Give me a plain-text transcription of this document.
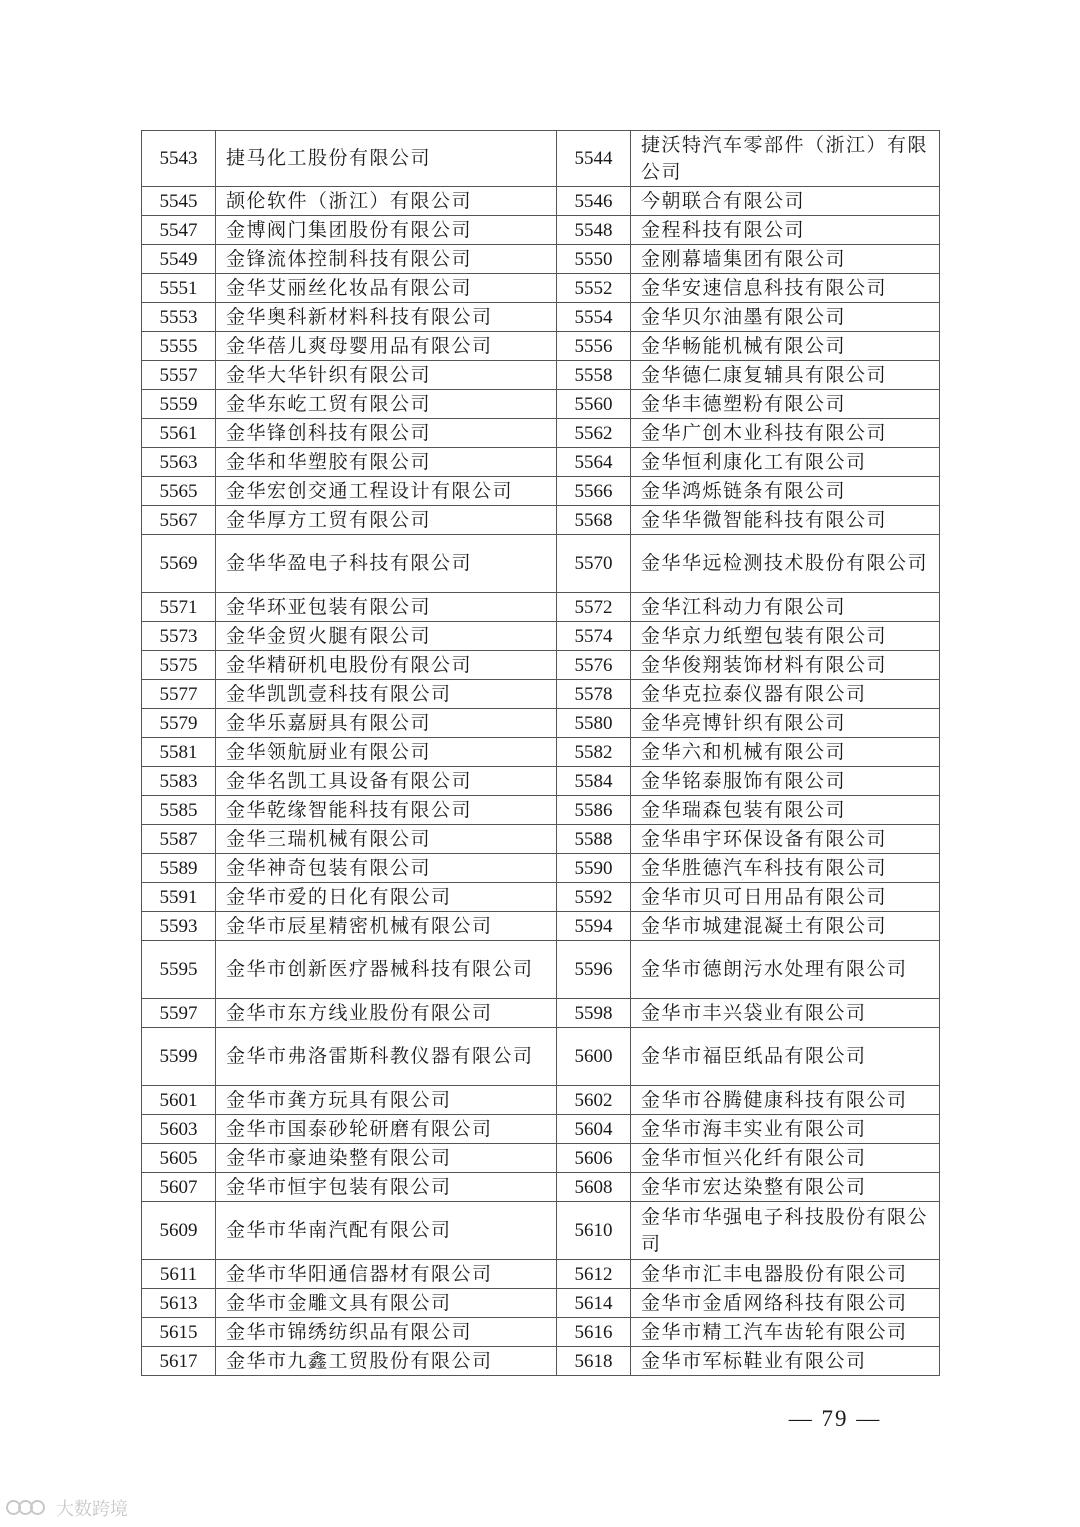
5543	捷马化工股份有限公司	5544	捷沃特汽车零部件（浙江）有限公司
5545	颉伦软件（浙江）有限公司	5546	今朝联合有限公司
5547	金博阀门集团股份有限公司	5548	金程科技有限公司
5549	金锋流体控制科技有限公司	5550	金刚幕墙集团有限公司
5551	金华艾丽丝化妆品有限公司	5552	金华安速信息科技有限公司
5553	金华奥科新材料科技有限公司	5554	金华贝尔油墨有限公司
5555	金华蓓儿爽母婴用品有限公司	5556	金华畅能机械有限公司
5557	金华大华针织有限公司	5558	金华德仁康复辅具有限公司
5559	金华东屹工贸有限公司	5560	金华丰德塑粉有限公司
5561	金华锋创科技有限公司	5562	金华广创木业科技有限公司
5563	金华和华塑胶有限公司	5564	金华恒利康化工有限公司
5565	金华宏创交通工程设计有限公司	5566	金华鸿烁链条有限公司
5567	金华厚方工贸有限公司	5568	金华华微智能科技有限公司
5569	金华华盈电子科技有限公司	5570	金华华远检测技术股份有限公司
5571	金华环亚包装有限公司	5572	金华江科动力有限公司
5573	金华金贸火腿有限公司	5574	金华京力纸塑包装有限公司
5575	金华精研机电股份有限公司	5576	金华俊翔装饰材料有限公司
5577	金华凯凯壹科技有限公司	5578	金华克拉泰仪器有限公司
5579	金华乐嘉厨具有限公司	5580	金华亮博针织有限公司
5581	金华领航厨业有限公司	5582	金华六和机械有限公司
5583	金华名凯工具设备有限公司	5584	金华铭泰服饰有限公司
5585	金华乾缘智能科技有限公司	5586	金华瑞森包装有限公司
5587	金华三瑞机械有限公司	5588	金华串宇环保设备有限公司
5589	金华神奇包装有限公司	5590	金华胜德汽车科技有限公司
5591	金华市爱的日化有限公司	5592	金华市贝可日用品有限公司
5593	金华市辰星精密机械有限公司	5594	金华市城建混凝土有限公司
5595	金华市创新医疗器械科技有限公司	5596	金华市德朗污水处理有限公司
5597	金华市东方线业股份有限公司	5598	金华市丰兴袋业有限公司
5599	金华市弗洛雷斯科教仪器有限公司	5600	金华市福臣纸品有限公司
5601	金华市龚方玩具有限公司	5602	金华市谷腾健康科技有限公司
5603	金华市国泰砂轮研磨有限公司	5604	金华市海丰实业有限公司
5605	金华市豪迪染整有限公司	5606	金华市恒兴化纤有限公司
5607	金华市恒宇包装有限公司	5608	金华市宏达染整有限公司
5609	金华市华南汽配有限公司	5610	金华市华强电子科技股份有限公司
5611	金华市华阳通信器材有限公司	5612	金华市汇丰电器股份有限公司
5613	金华市金雕文具有限公司	5614	金华市金盾网络科技有限公司
5615	金华市锦绣纺织品有限公司	5616	金华市精工汽车齿轮有限公司
5617	金华市九鑫工贸股份有限公司	5618	金华市军标鞋业有限公司
— 79 —
大数跨境
